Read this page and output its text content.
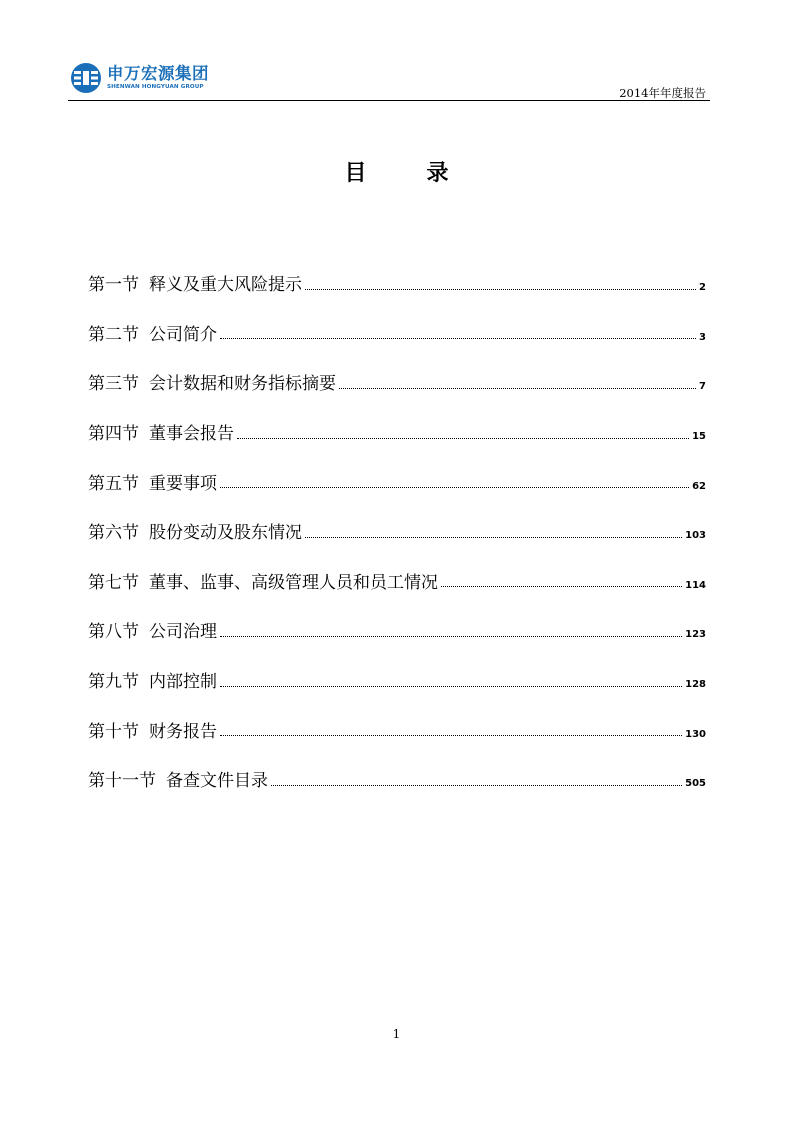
申万宏源集团
SHENWAN HONGYUAN GROUP	2014年年度报告
目录
第一节 释义及重大风险提示	2
第二节 公司简介	3
第三节 会计数据和财务指标摘要	7
第四节 董事会报告	15
第五节 重要事项	62
第六节 股份变动及股东情况	103
第七节 董事、监事、高级管理人员和员工情况	114
第八节 公司治理	123
第九节 内部控制	128
第十节 财务报告	130
第十一节 备查文件目录	505
1
